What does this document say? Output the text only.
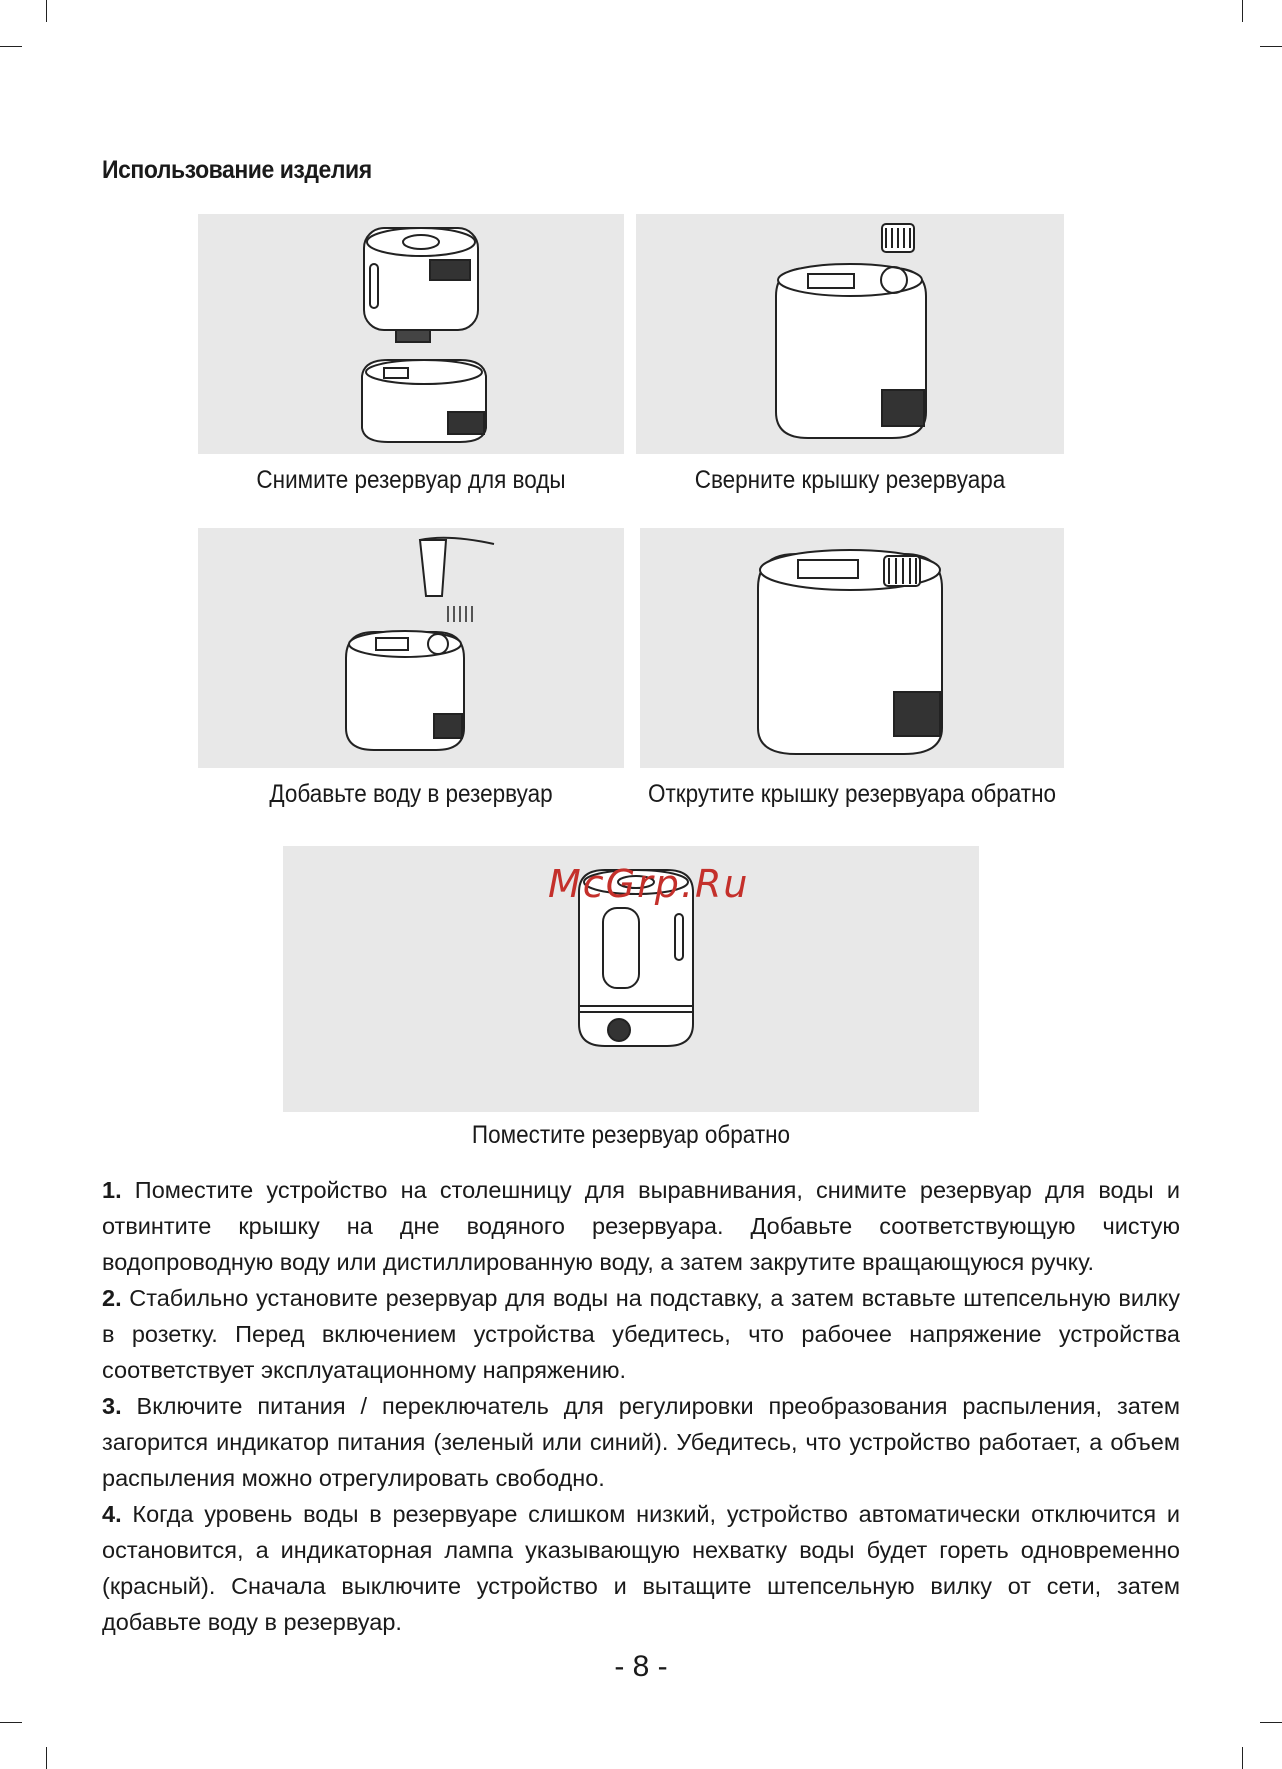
Использование изделия
Снимите резервуар для воды	Сверните крышку резервуара
Добавьте воду в резервуар	Открутите крышку резервуара обратно
Поместите резервуар обратно
McGrp.Ru

1. Поместите устройство на столешницу для выравнивания, снимите резервуар для воды и отвинтите крышку на дне водяного резервуара. Добавьте соответствующую чистую водопроводную воду или дистиллированную воду, а затем закрутите вращающуюся ручку.

2. Стабильно установите резервуар для воды на подставку, а затем вставьте штепсельную вилку в розетку. Перед включением устройства убедитесь, что рабочее напряжение устройства соответствует эксплуатационному напряжению.

3. Включите питания / переключатель для регулировки преобразования распыления, затем загорится индикатор питания (зеленый или синий). Убедитесь, что устройство работает, а объем распыления можно отрегулировать свободно.

4. Когда уровень воды в резервуаре слишком низкий, устройство автоматически отключится и остановится, а индикаторная лампа указывающую нехватку воды будет гореть одновременно (красный). Сначала выключите устройство и вытащите штепсельную вилку от сети, затем добавьте воду в резервуар.

- 8 -
